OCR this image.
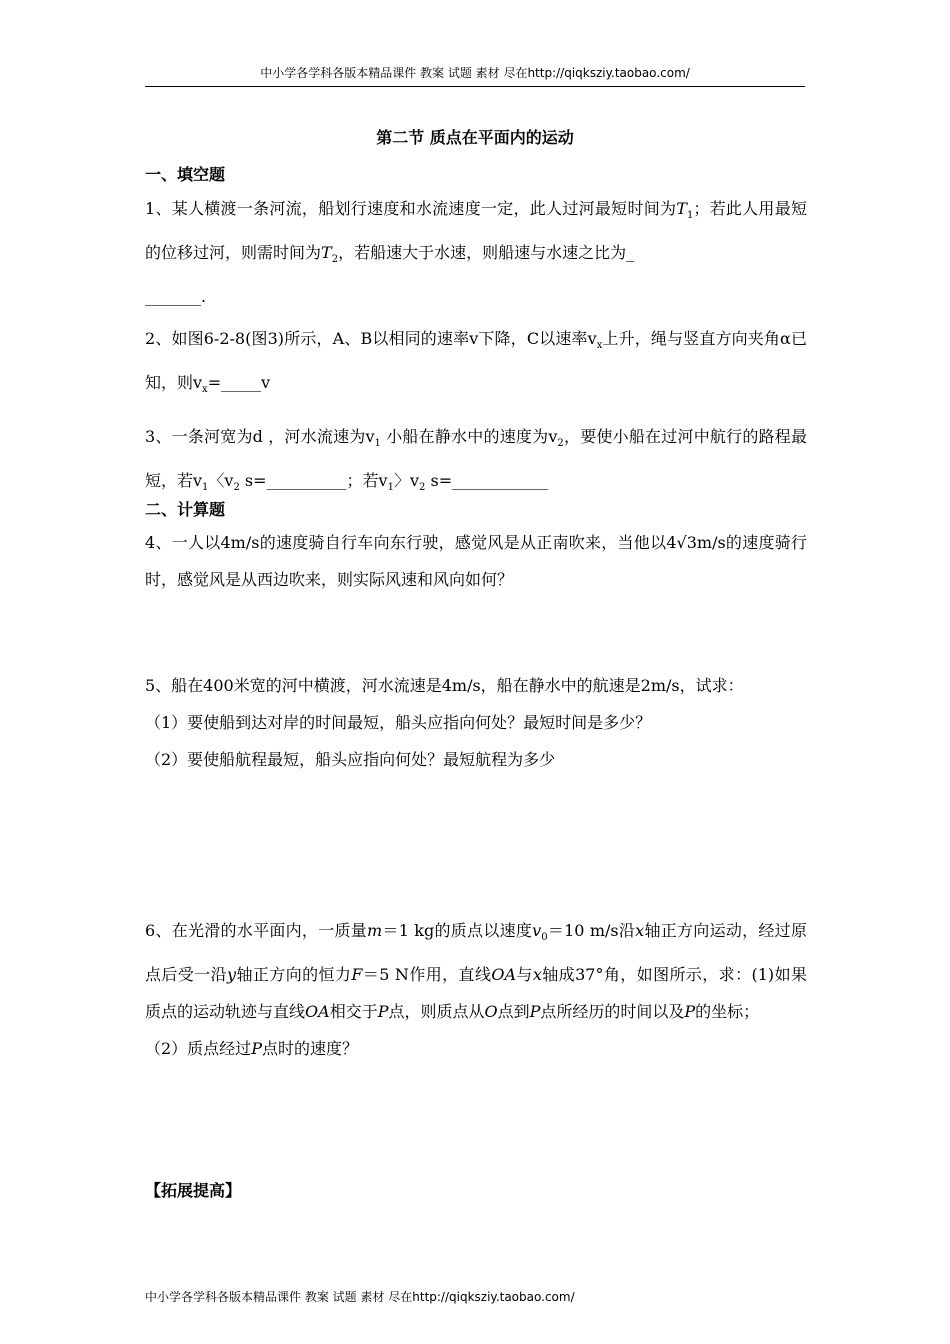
中小学各学科各版本精品课件 教案 试题 素材 尽在http://qiqksziy.taobao.com/
第二节 质点在平面内的运动
一、填空题
1、某人横渡一条河流，船划行速度和水流速度一定，此人过河最短时间为$T_1$；若此人用最短的位移过河，则需时间为$T_2$，若船速大于水速，则船速与水速之比为_
_______.
2、如图6-2-8(图3)所示，A、B以相同的速率v下降，C以速率$v_x$上升，绳与竖直方向夹角α已知，则$v_x=\_\_\_\_\_v$
3、一条河宽为d ，河水流速为$v_1$ 小船在静水中的速度为$v_2$，要使小船在过河中航行的路程最短，若$v_1$〈$v_2$ s=__________；若$v_1$〉$v_2$ s=____________
二、计算题
4、一人以4m/s的速度骑自行车向东行驶，感觉风是从正南吹来，当他以4√3m/s的速度骑行时，感觉风是从西边吹来，则实际风速和风向如何？
5、船在400米宽的河中横渡，河水流速是4m/s，船在静水中的航速是2m/s，试求：
（1）要使船到达对岸的时间最短，船头应指向何处？最短时间是多少？
（2）要使船航程最短，船头应指向何处？最短航程为多少
6、在光滑的水平面内，一质量m＝1 kg的质点以速度$v_0=10$ m/s沿x轴正方向运动，经过原点后受一沿y轴正方向的恒力F＝5 N作用，直线OA与x轴成37°角，如图所示，求：(1)如果质点的运动轨迹与直线OA相交于P点，则质点从O点到P点所经历的时间以及P的坐标；
（2）质点经过P点时的速度？
【拓展提高】
中小学各学科各版本精品课件 教案 试题 素材 尽在http://qiqksziy.taobao.com/
